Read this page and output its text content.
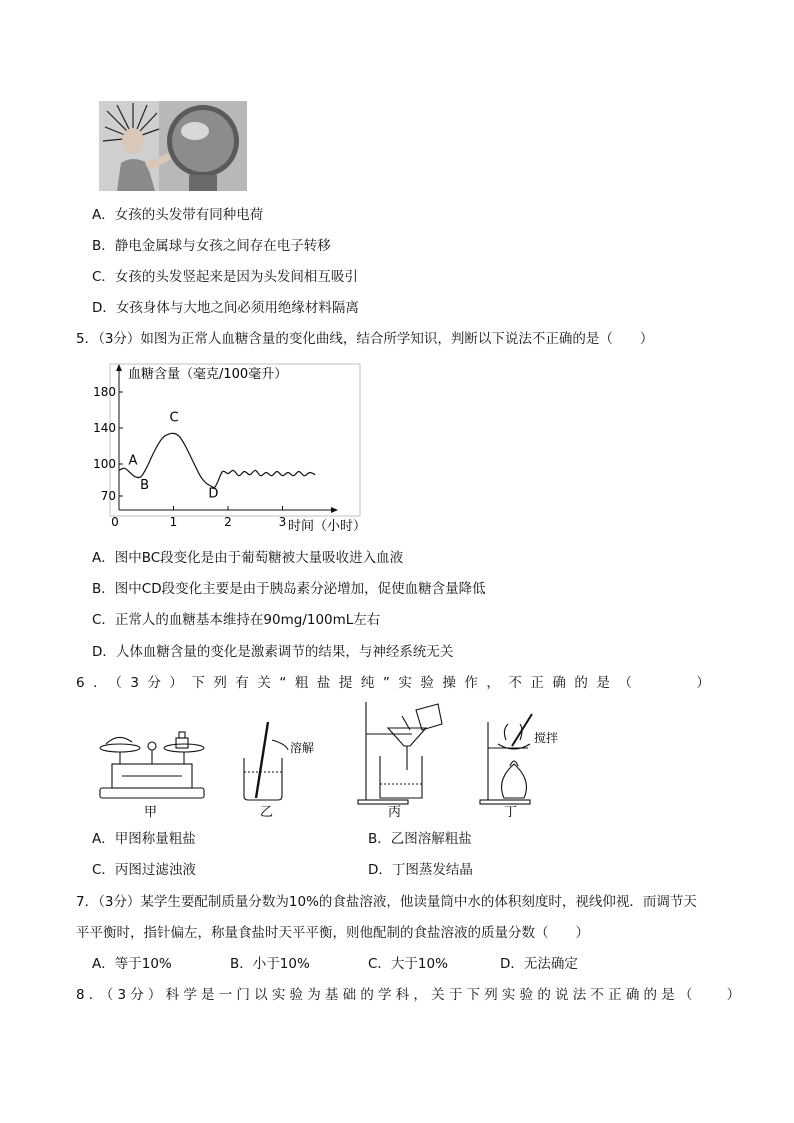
A．女孩的头发带有同种电荷
B．静电金属球与女孩之间存在电子转移
C．女孩的头发竖起来是因为头发间相互吸引
D．女孩身体与大地之间必须用绝缘材料隔离
5．（3分）如图为正常人血糖含量的变化曲线，结合所学知识，判断以下说法不正确的是（　　）
血糖含量（毫克/100毫升）
时间（小时）
70
100
140
180
0	1	2	3
A
B
C
D
A．图中BC段变化是由于葡萄糖被大量吸收进入血液
B．图中CD段变化主要是由于胰岛素分泌增加，促使血糖含量降低
C．正常人的血糖基本维持在90mg/100mL左右
D．人体血糖含量的变化是激素调节的结果，与神经系统无关
6．（3分）下列有关“粗盐提纯”实验操作，不正确的是（	）
甲
溶解
乙	丙
搅拌
丁
A．甲图称量粗盐	B．乙图溶解粗盐
C．丙图过滤浊液	D．丁图蒸发结晶
7．（3分）某学生要配制质量分数为10%的食盐溶液，他读量筒中水的体积刻度时，视线仰视．而调节天
平平衡时，指针偏左，称量食盐时天平平衡，则他配制的食盐溶液的质量分数（　　）
A．等于10%	B．小于10%	C．大于10%	D．无法确定
8．（3分）科学是一门以实验为基础的学科，关于下列实验的说法不正确的是（ ）
